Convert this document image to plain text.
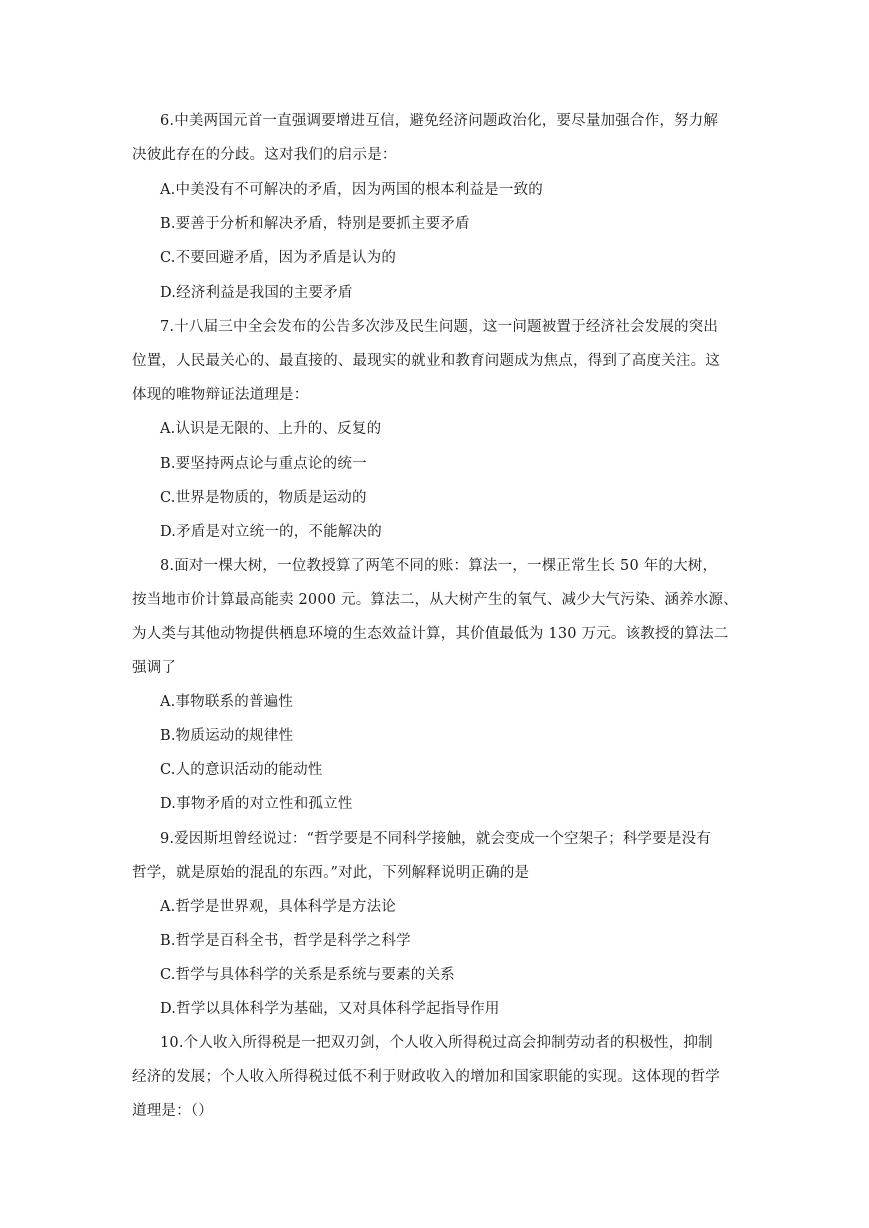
6.中美两国元首一直强调要增进互信，避免经济问题政治化，要尽量加强合作，努力解
决彼此存在的分歧。这对我们的启示是：
A.中美没有不可解决的矛盾，因为两国的根本利益是一致的
B.要善于分析和解决矛盾，特别是要抓主要矛盾
C.不要回避矛盾，因为矛盾是认为的
D.经济利益是我国的主要矛盾
7.十八届三中全会发布的公告多次涉及民生问题，这一问题被置于经济社会发展的突出
位置，人民最关心的、最直接的、最现实的就业和教育问题成为焦点，得到了高度关注。这
体现的唯物辩证法道理是：
A.认识是无限的、上升的、反复的
B.要坚持两点论与重点论的统一
C.世界是物质的，物质是运动的
D.矛盾是对立统一的，不能解决的
8.面对一棵大树，一位教授算了两笔不同的账：算法一，一棵正常生长 50 年的大树，
按当地市价计算最高能卖 2000 元。算法二，从大树产生的氧气、减少大气污染、涵养水源、
为人类与其他动物提供栖息环境的生态效益计算，其价值最低为 130 万元。该教授的算法二
强调了
A.事物联系的普遍性
B.物质运动的规律性
C.人的意识活动的能动性
D.事物矛盾的对立性和孤立性
9.爱因斯坦曾经说过：“哲学要是不同科学接触，就会变成一个空架子；科学要是没有
哲学，就是原始的混乱的东西。”对此，下列解释说明正确的是
A.哲学是世界观，具体科学是方法论
B.哲学是百科全书，哲学是科学之科学
C.哲学与具体科学的关系是系统与要素的关系
D.哲学以具体科学为基础，又对具体科学起指导作用
10.个人收入所得税是一把双刃剑，个人收入所得税过高会抑制劳动者的积极性，抑制
经济的发展；个人收入所得税过低不利于财政收入的增加和国家职能的实现。这体现的哲学
道理是：（）
